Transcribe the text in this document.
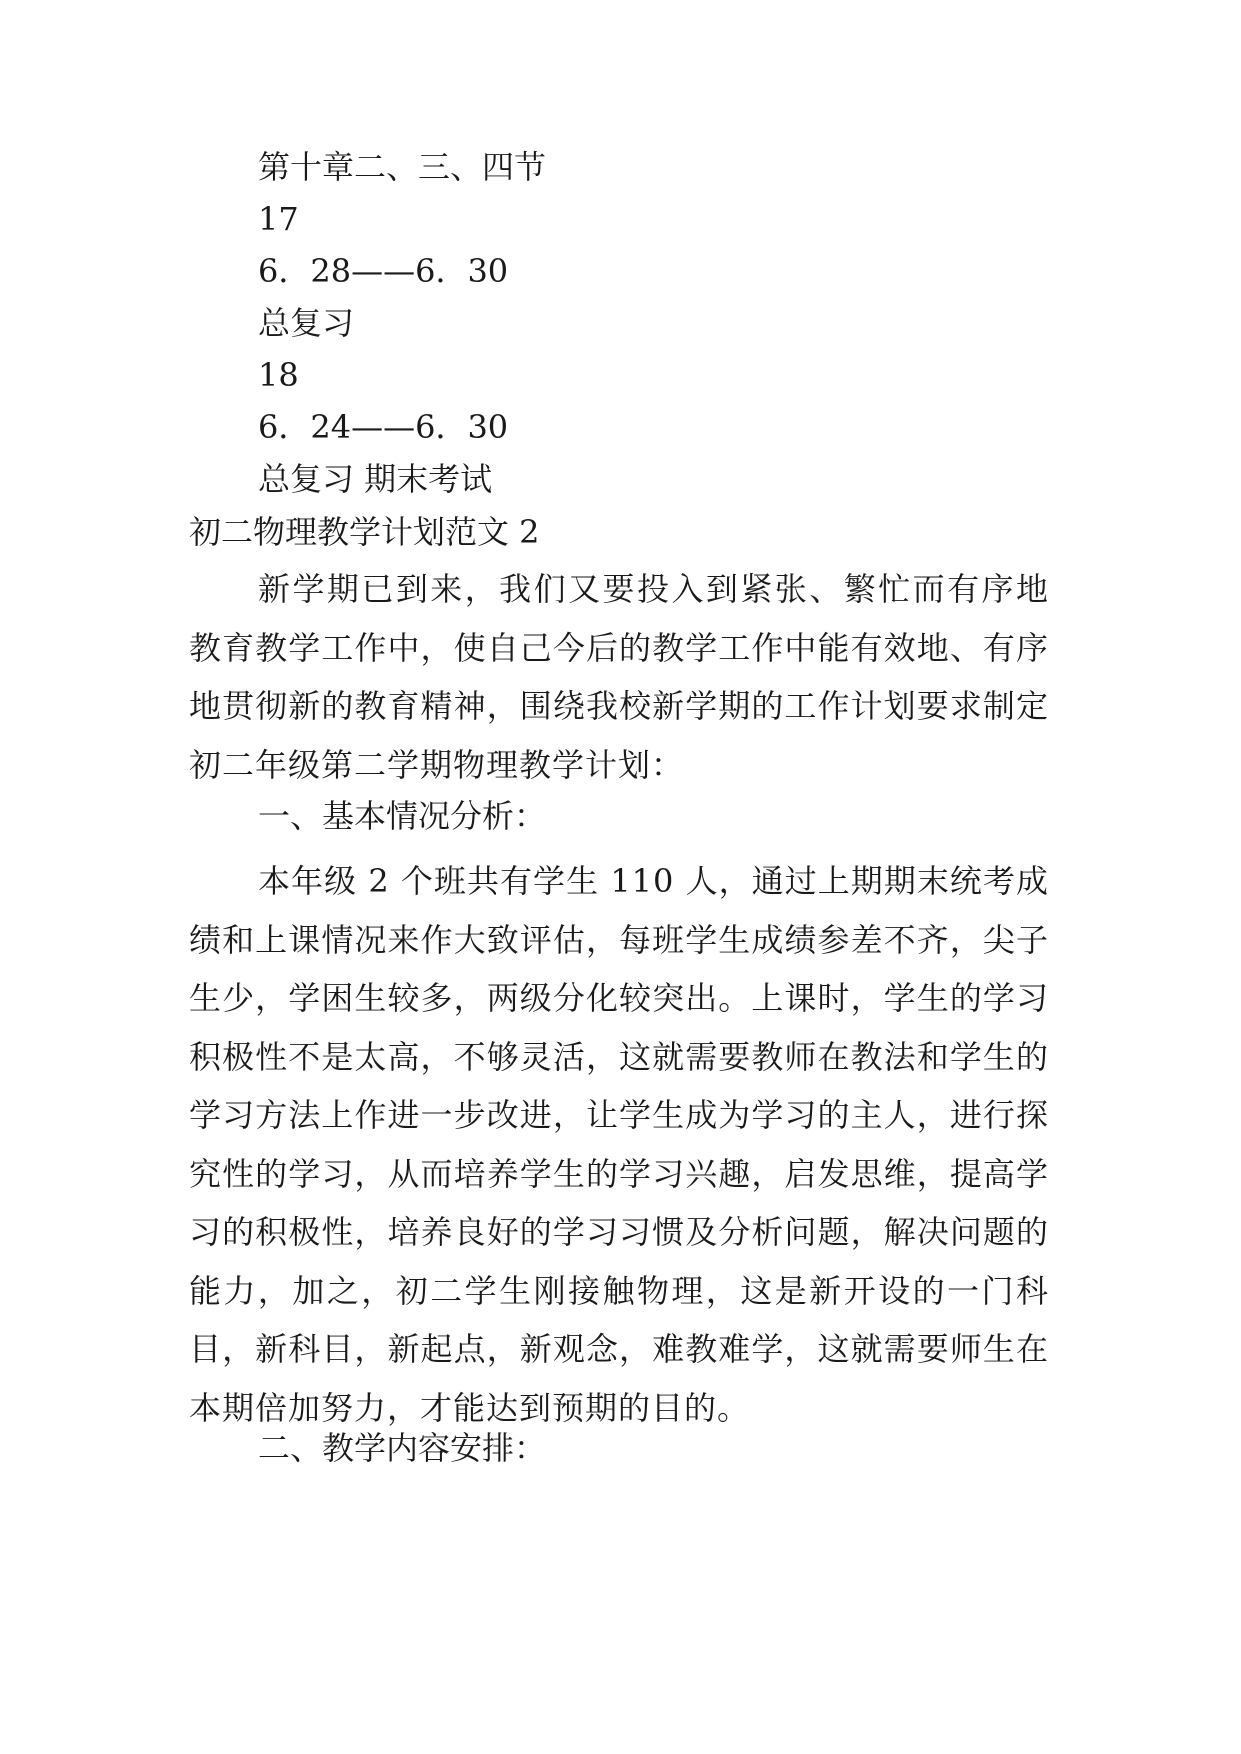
第十章二、三、四节
17
6．28——6．30
总复习
18
6．24——6．30
总复习 期末考试
初二物理教学计划范文 2
新学期已到来，我们又要投入到紧张、繁忙而有序地教育教学工作中，使自己今后的教学工作中能有效地、有序地贯彻新的教育精神，围绕我校新学期的工作计划要求制定初二年级第二学期物理教学计划：
一、基本情况分析：
本年级 2 个班共有学生 110 人，通过上期期末统考成绩和上课情况来作大致评估，每班学生成绩参差不齐，尖子生少，学困生较多，两级分化较突出。上课时，学生的学习积极性不是太高，不够灵活，这就需要教师在教法和学生的学习方法上作进一步改进，让学生成为学习的主人，进行探究性的学习，从而培养学生的学习兴趣，启发思维，提高学习的积极性，培养良好的学习习惯及分析问题，解决问题的能力，加之，初二学生刚接触物理，这是新开设的一门科目，新科目，新起点，新观念，难教难学，这就需要师生在本期倍加努力，才能达到预期的目的。
二、教学内容安排：
